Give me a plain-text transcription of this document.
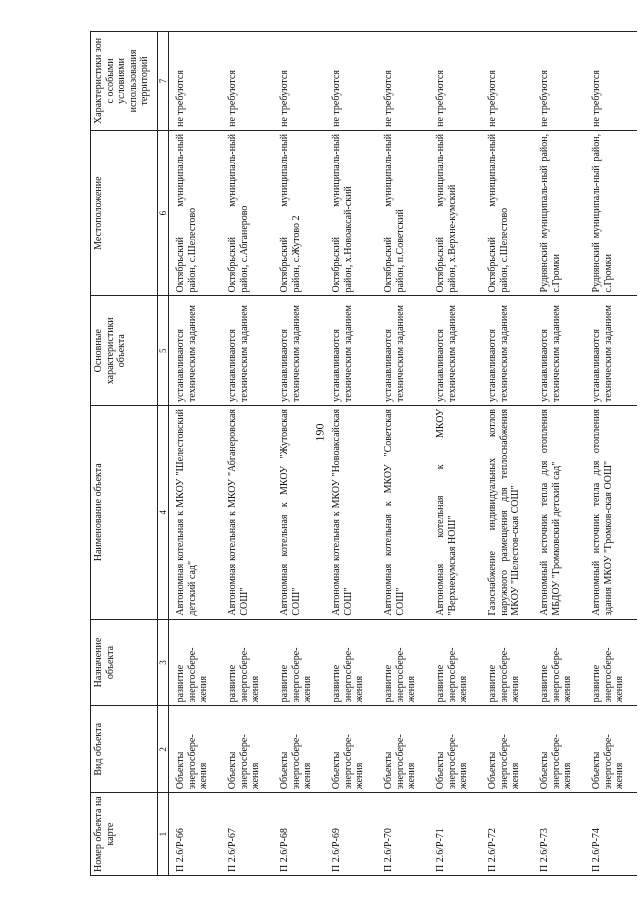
190
Номер объекта на карте	Вид объекта	Назначение объекта	Наименование объекта	Основные характеристики объекта	Местоположение	Характеристики зон с особыми условиями использования территорий
1	2	3	4	5	6	7
П 2.6/Р-66	Объекты энергосбере-жения	развитие энергосбере-жения	Автономная котельная к МКОУ "Шелестовский детский сад"	устанавливаются техническим заданием	Октябрьский муниципаль-ный район, с.Шелестово	не требуются
П 2.6/Р-67	Объекты энергосбере-жения	развитие энергосбере-жения	Автономная котельная к МКОУ "Абганеровская СОШ"	устанавливаются техническим заданием	Октябрьский муниципаль-ный район, с.Абганерово	не требуются
П 2.6/Р-68	Объекты энергосбере-жения	развитие энергосбере-жения	Автономная котельная к МКОУ "Жутовская СОШ"	устанавливаются техническим заданием	Октябрьский муниципаль-ный район, с.Жутово 2	не требуются
П 2.6/Р-69	Объекты энергосбере-жения	развитие энергосбере-жения	Автономная котельная к МКОУ "Новоаксайская СОШ"	устанавливаются техническим заданием	Октябрьский муниципаль-ный район, х.Новоаксай-ский	не требуются
П 2.6/Р-70	Объекты энергосбере-жения	развитие энергосбере-жения	Автономная котельная к МКОУ "Советская СОШ"	устанавливаются техническим заданием	Октябрьский муниципаль-ный район, п.Советский	не требуются
П 2.6/Р-71	Объекты энергосбере-жения	развитие энергосбере-жения	Автономная котельная к МКОУ "Верхнекумская НОШ"	устанавливаются техническим заданием	Октябрьский муниципаль-ный район, х.Верхне-кумский	не требуются
П 2.6/Р-72	Объекты энергосбере-жения	развитие энергосбере-жения	Газоснабжение индивидуальных котлов наружного размещения для теплоснабжения МКОУ "Шелестов-ская СОШ"	устанавливаются техническим заданием	Октябрьский муниципаль-ный район, с.Шелестово	не требуются
П 2.6/Р-73	Объекты энергосбере-жения	развитие энергосбере-жения	Автономный источник тепла для отопления МБДОУ "Громковский детский сад"	устанавливаются техническим заданием	Руднянский муниципаль-ный район, с.Громки	не требуются
П 2.6/Р-74	Объекты энергосбере-жения	развитие энергосбере-жения	Автономный источник тепла для отопления здания МКОУ "Громков-ская ООШ"	устанавливаются техническим заданием	Руднянский муниципаль-ный район, с.Громки	не требуются
